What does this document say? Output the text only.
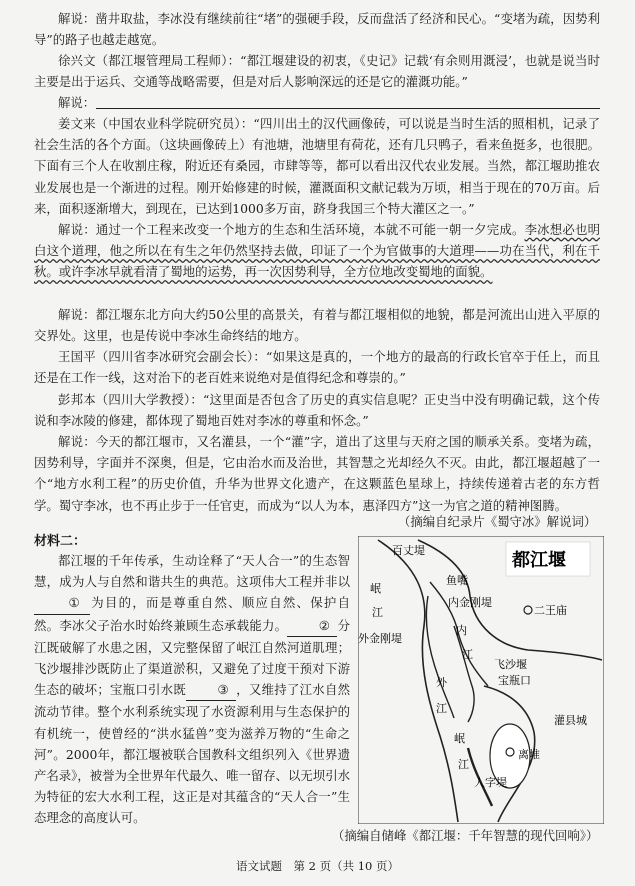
解说：凿井取盐，李冰没有继续前往“堵”的强硬手段，反而盘活了经济和民心。“变堵为疏，因势利导”的路子也越走越宽。
徐兴文（都江堰管理局工程师）：“都江堰建设的初衷，《史记》记载‘有余则用溉浸’，也就是说当时主要是出于运兵、交通等战略需要，但是对后人影响深远的还是它的灌溉功能。”
解说：
姜文来（中国农业科学院研究员）：“四川出土的汉代画像砖，可以说是当时生活的照相机，记录了社会生活的各个方面。（这块画像砖上）有池塘，池塘里有荷花，还有几只鸭子，看来鱼挺多，也很肥。下面有三个人在收割庄稼，附近还有桑园，市肆等等，都可以看出汉代农业发展。当然，都江堰助推农业发展也是一个渐进的过程。刚开始修建的时候，灌溉面积文献记载为万顷，相当于现在的70万亩。后来，面积逐渐增大，到现在，已达到1000多万亩，跻身我国三个特大灌区之一。”
解说：通过一个工程来改变一个地方的生态和生活环境，本就不可能一朝一夕完成。李冰想必也明白这个道理，他之所以在有生之年仍然坚持去做，印证了一个为官做事的大道理——功在当代，利在千秋。或许李冰早就看清了蜀地的运势，再一次因势利导，全方位地改变蜀地的面貌。
解说：都江堰东北方向大约50公里的高景关，有着与都江堰相似的地貌，都是河流出山进入平原的交界处。这里，也是传说中李冰生命终结的地方。
王国平（四川省李冰研究会副会长）：“如果这是真的，一个地方的最高的行政长官卒于任上，而且还是在工作一线，这对治下的老百姓来说绝对是值得纪念和尊崇的。”
彭邦本（四川大学教授）：“这里面是否包含了历史的真实信息呢？正史当中没有明确记载，这个传说和李冰陵的修建，都体现了蜀地百姓对李冰的尊重和怀念。”
解说：今天的都江堰市，又名灌县，一个“灌”字，道出了这里与天府之国的顺承关系。变堵为疏，因势利导，字面并不深奥，但是，它由治水而及治世，其智慧之光却经久不灭。由此，都江堰超越了一个“地方水利工程”的历史价值，升华为世界文化遗产，在这颗蓝色星球上，持续传递着古老的东方哲学。蜀守李冰，也不再止步于一任官吏，而成为“以人为本，惠泽四方”这一为官之道的精神图腾。
（摘编自纪录片《蜀守冰》解说词）
材料二：
都江堰的千年传承，生动诠释了“天人合一”的生态智慧，成为人与自然和谐共生的典范。这项伟大工程并非以① 为目的，而是尊重自然、顺应自然、保护自然。李冰父子治水时始终兼顾生态承载能力。	② 分江既破解了水患之困，又完整保留了岷江自然河道肌理；飞沙堰排沙既防止了渠道淤积，又避免了过度干预对下游生态的破坏；宝瓶口引水既	③ ，又维持了江水自然流动节律。整个水利系统实现了水资源利用与生态保护的有机统一，使曾经的“洪水猛兽”变为滋养万物的“生命之河”。2000年，都江堰被联合国教科文组织列入《世界遗产名录》，被誉为全世界年代最久、唯一留存、以无坝引水为特征的宏大水利工程，这正是对其蕴含的“天人合一”生态理念的高度认可。
都江堰
百丈堤
鱼嘴
岷
江
内金刚堤
二王庙
外金刚堤
内
江
飞沙堰
外
江
宝瓶口
灌县城
岷
江
人字堤
离堆
（摘编自储峰《都江堰：千年智慧的现代回响》）
语文试题　第 2 页（共 10 页）
